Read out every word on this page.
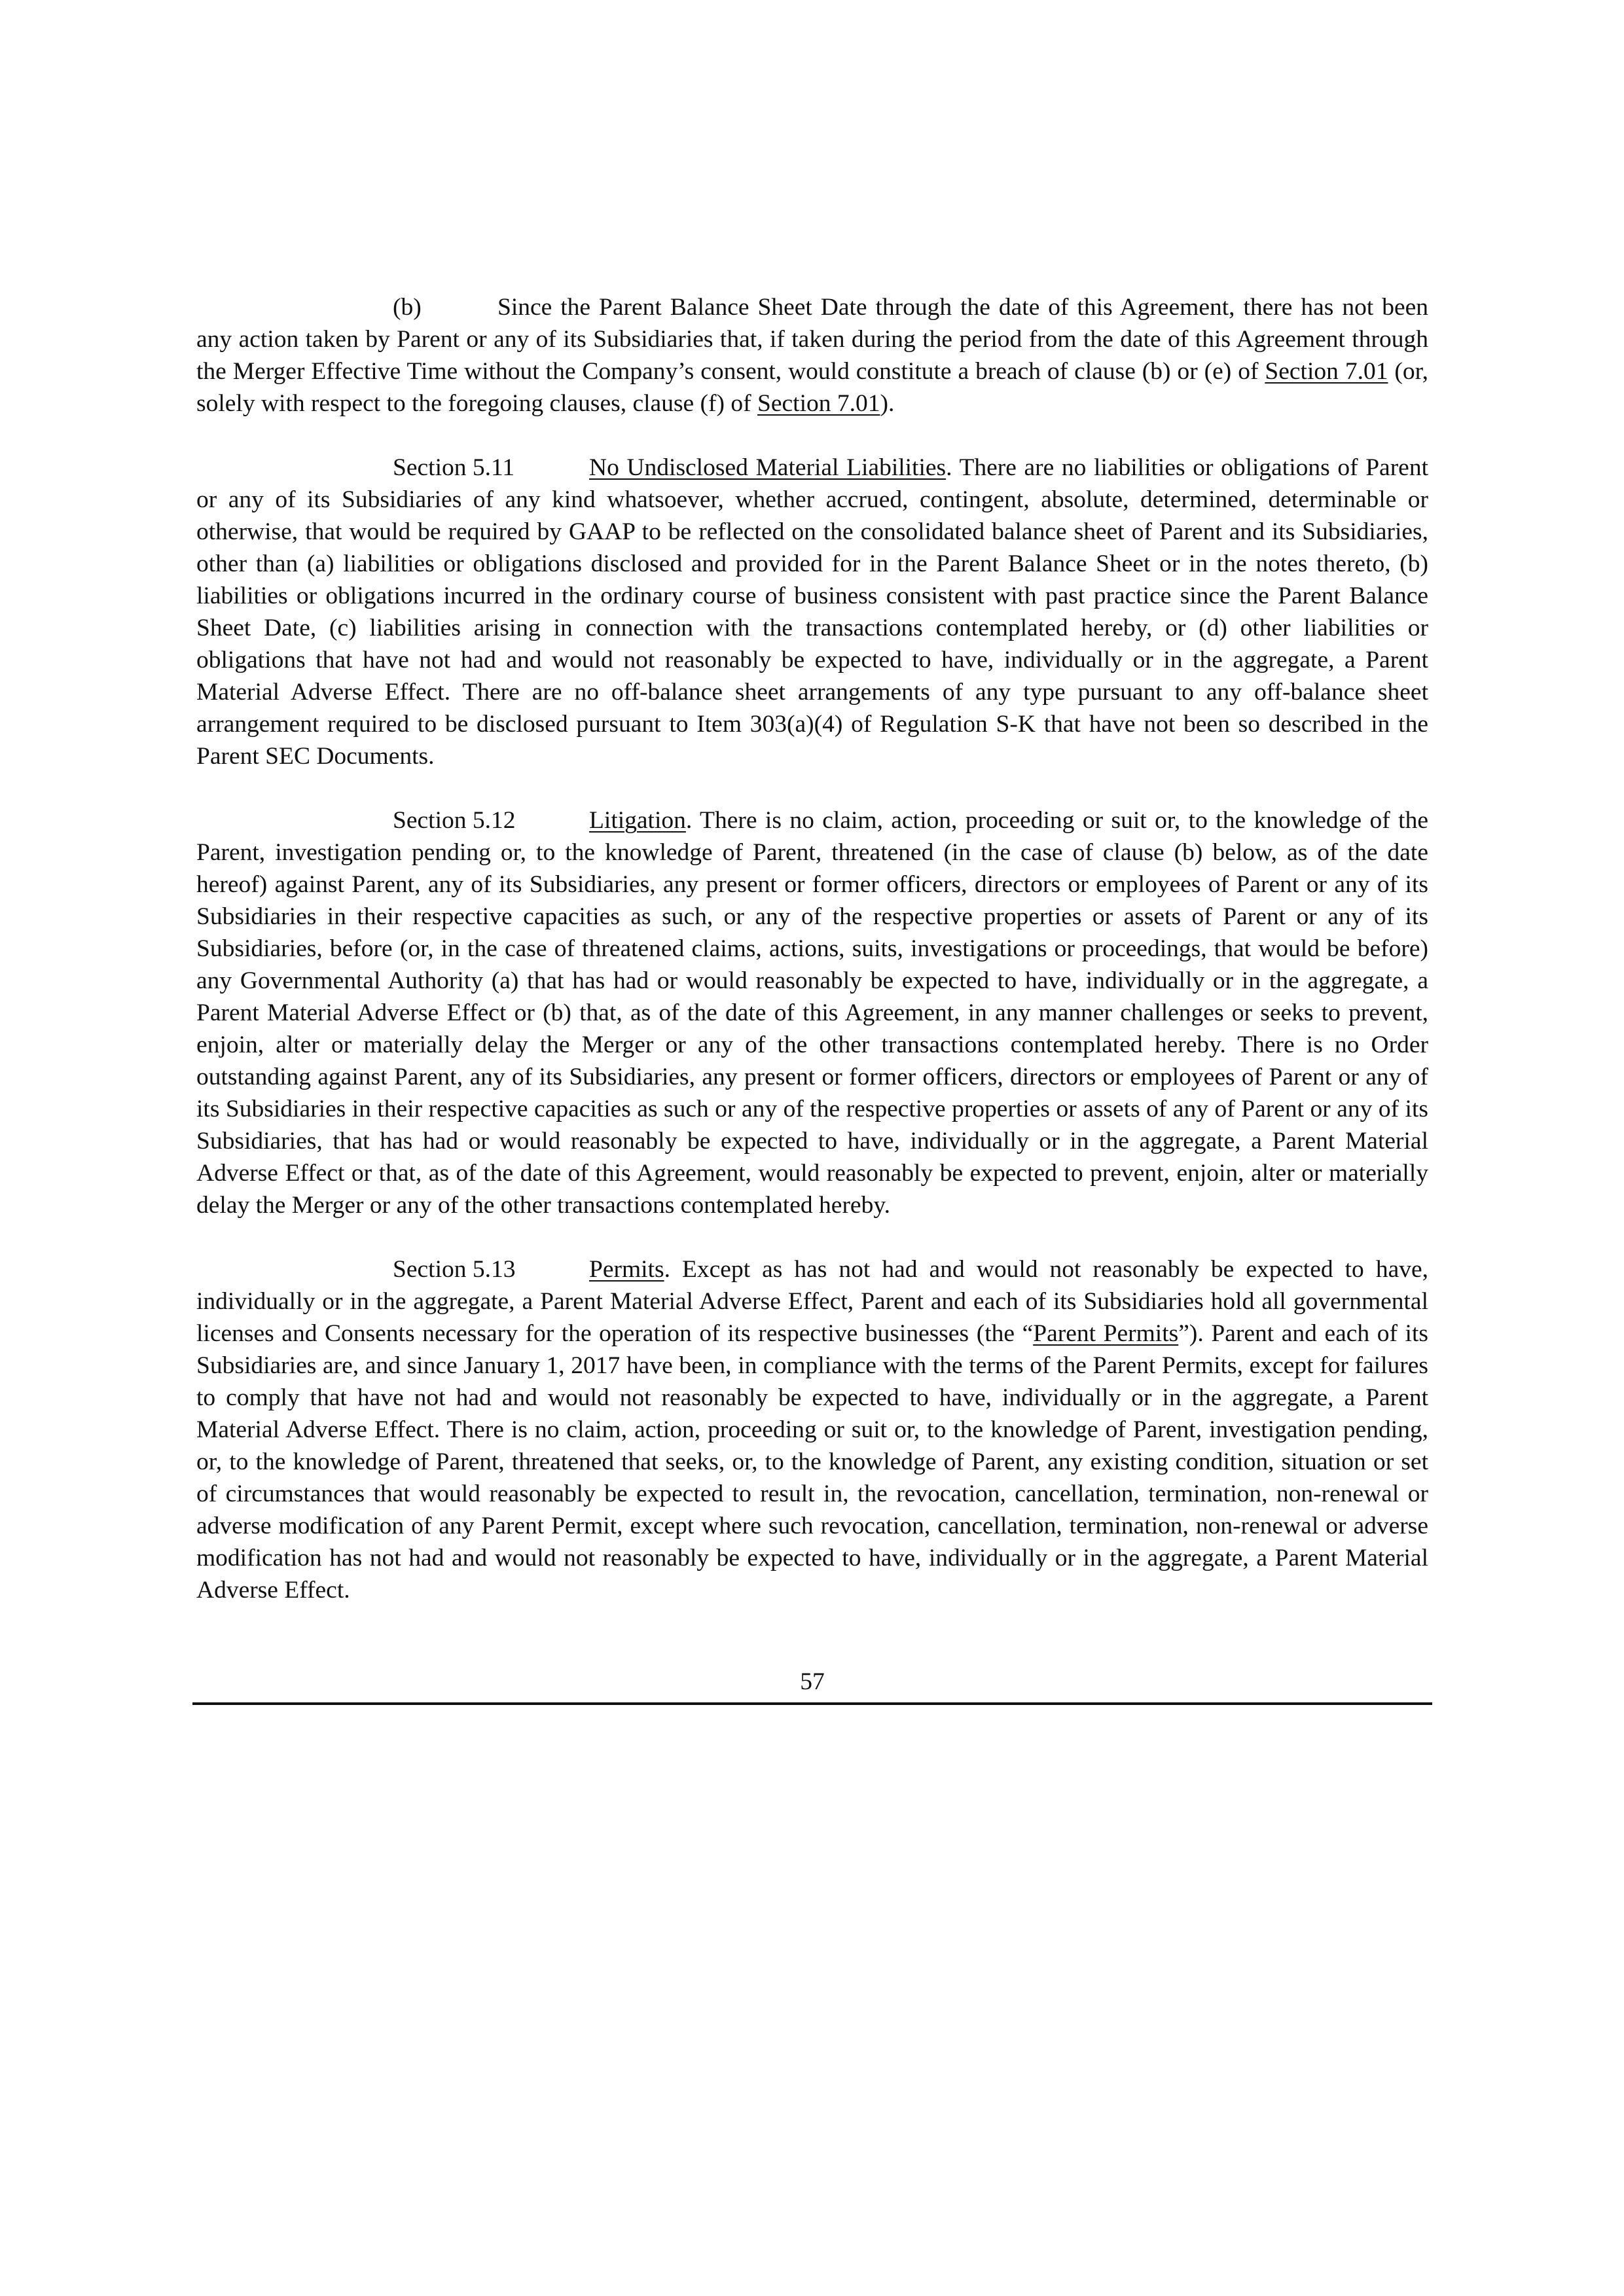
(b)	Since the Parent Balance Sheet Date through the date of this Agreement, there has not been any action taken by Parent or any of its Subsidiaries that, if taken during the period from the date of this Agreement through the Merger Effective Time without the Company’s consent, would constitute a breach of clause (b) or (e) of Section 7.01 (or, solely with respect to the foregoing clauses, clause (f) of Section 7.01).

Section 5.11	No Undisclosed Material Liabilities. There are no liabilities or obligations of Parent or any of its Subsidiaries of any kind whatsoever, whether accrued, contingent, absolute, determined, determinable or otherwise, that would be required by GAAP to be reflected on the consolidated balance sheet of Parent and its Subsidiaries, other than (a) liabilities or obligations disclosed and provided for in the Parent Balance Sheet or in the notes thereto, (b) liabilities or obligations incurred in the ordinary course of business consistent with past practice since the Parent Balance Sheet Date, (c) liabilities arising in connection with the transactions contemplated hereby, or (d) other liabilities or obligations that have not had and would not reasonably be expected to have, individually or in the aggregate, a Parent Material Adverse Effect. There are no off-balance sheet arrangements of any type pursuant to any off-balance sheet arrangement required to be disclosed pursuant to Item 303(a)(4) of Regulation S-K that have not been so described in the Parent SEC Documents.

Section 5.12	Litigation. There is no claim, action, proceeding or suit or, to the knowledge of the Parent, investigation pending or, to the knowledge of Parent, threatened (in the case of clause (b) below, as of the date hereof) against Parent, any of its Subsidiaries, any present or former officers, directors or employees of Parent or any of its Subsidiaries in their respective capacities as such, or any of the respective properties or assets of Parent or any of its Subsidiaries, before (or, in the case of threatened claims, actions, suits, investigations or proceedings, that would be before) any Governmental Authority (a) that has had or would reasonably be expected to have, individually or in the aggregate, a Parent Material Adverse Effect or (b) that, as of the date of this Agreement, in any manner challenges or seeks to prevent, enjoin, alter or materially delay the Merger or any of the other transactions contemplated hereby. There is no Order outstanding against Parent, any of its Subsidiaries, any present or former officers, directors or employees of Parent or any of its Subsidiaries in their respective capacities as such or any of the respective properties or assets of any of Parent or any of its Subsidiaries, that has had or would reasonably be expected to have, individually or in the aggregate, a Parent Material Adverse Effect or that, as of the date of this Agreement, would reasonably be expected to prevent, enjoin, alter or materially delay the Merger or any of the other transactions contemplated hereby.

Section 5.13	Permits. Except as has not had and would not reasonably be expected to have, individually or in the aggregate, a Parent Material Adverse Effect, Parent and each of its Subsidiaries hold all governmental licenses and Consents necessary for the operation of its respective businesses (the “Parent Permits”). Parent and each of its Subsidiaries are, and since January 1, 2017 have been, in compliance with the terms of the Parent Permits, except for failures to comply that have not had and would not reasonably be expected to have, individually or in the aggregate, a Parent Material Adverse Effect. There is no claim, action, proceeding or suit or, to the knowledge of Parent, investigation pending, or, to the knowledge of Parent, threatened that seeks, or, to the knowledge of Parent, any existing condition, situation or set of circumstances that would reasonably be expected to result in, the revocation, cancellation, termination, non-renewal or adverse modification of any Parent Permit, except where such revocation, cancellation, termination, non-renewal or adverse modification has not had and would not reasonably be expected to have, individually or in the aggregate, a Parent Material Adverse Effect.

57
